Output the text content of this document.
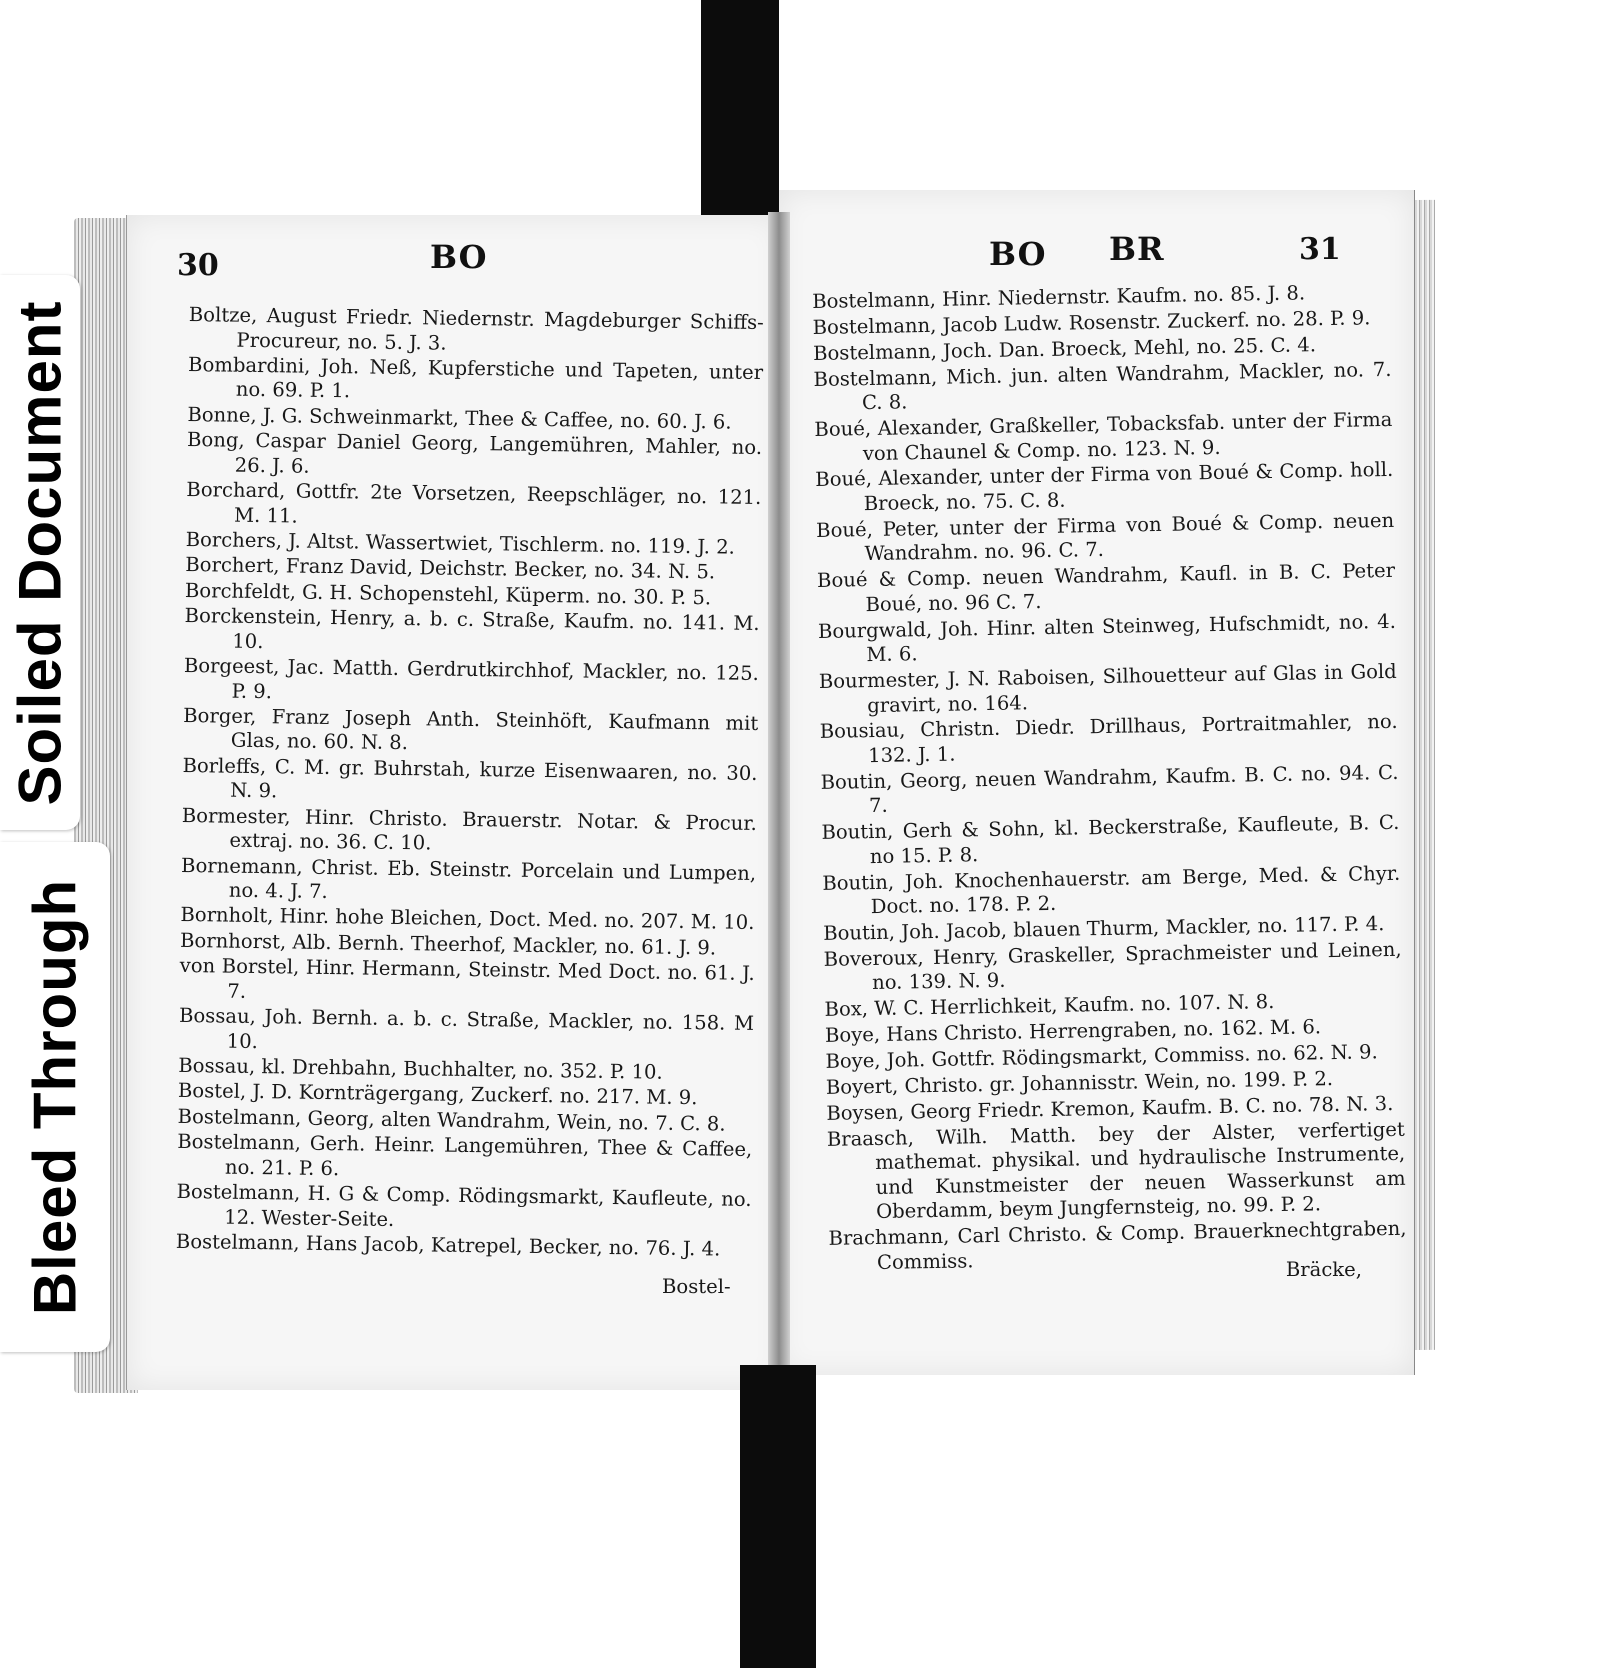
30	BO
Boltze, August Friedr. Niedernstr. Magdeburger Schiffs-Procureur, no. 5. J. 3.
Bombardini, Joh. Neß, Kupferstiche und Tapeten, unter no. 69. P. 1.
Bonne, J. G. Schweinmarkt, Thee & Caffee, no. 60. J. 6.
Bong, Caspar Daniel Georg, Langemühren, Mahler, no. 26. J. 6.
Borchard, Gottfr. 2te Vorsetzen, Reepschläger, no. 121. M. 11.
Borchers, J. Altst. Wassertwiet, Tischlerm. no. 119. J. 2.
Borchert, Franz David, Deichstr. Becker, no. 34. N. 5.
Borchfeldt, G. H. Schopenstehl, Küperm. no. 30. P. 5.
Borckenstein, Henry, a. b. c. Straße, Kaufm. no. 141. M. 10.
Borgeest, Jac. Matth. Gerdrutkirchhof, Mackler, no. 125. P. 9.
Borger, Franz Joseph Anth. Steinhöft, Kaufmann mit Glas, no. 60. N. 8.
Borleffs, C. M. gr. Buhrstah, kurze Eisenwaaren, no. 30. N. 9.
Bormester, Hinr. Christo. Brauerstr. Notar. & Procur. extraj. no. 36. C. 10.
Bornemann, Christ. Eb. Steinstr. Porcelain und Lumpen, no. 4. J. 7.
Bornholt, Hinr. hohe Bleichen, Doct. Med. no. 207. M. 10.
Bornhorst, Alb. Bernh. Theerhof, Mackler, no. 61. J. 9.
von Borstel, Hinr. Hermann, Steinstr. Med Doct. no. 61. J. 7.
Bossau, Joh. Bernh. a. b. c. Straße, Mackler, no. 158. M 10.
Bossau, kl. Drehbahn, Buchhalter, no. 352. P. 10.
Bostel, J. D. Kornträgergang, Zuckerf. no. 217. M. 9.
Bostelmann, Georg, alten Wandrahm, Wein, no. 7. C. 8.
Bostelmann, Gerh. Heinr. Langemühren, Thee & Caffee, no. 21. P. 6.
Bostelmann, H. G & Comp. Rödingsmarkt, Kaufleute, no. 12. Wester-Seite.
Bostelmann, Hans Jacob, Katrepel, Becker, no. 76. J. 4.
Bostel-
BO BR	31
Bostelmann, Hinr. Niedernstr. Kaufm. no. 85. J. 8.
Bostelmann, Jacob Ludw. Rosenstr. Zuckerf. no. 28. P. 9.
Bostelmann, Joch. Dan. Broeck, Mehl, no. 25. C. 4.
Bostelmann, Mich. jun. alten Wandrahm, Mackler, no. 7. C. 8.
Boué, Alexander, Graßkeller, Tobacksfab. unter der Firma von Chaunel & Comp. no. 123. N. 9.
Boué, Alexander, unter der Firma von Boué & Comp. holl. Broeck, no. 75. C. 8.
Boué, Peter, unter der Firma von Boué & Comp. neuen Wandrahm. no. 96. C. 7.
Boué & Comp. neuen Wandrahm, Kaufl. in B. C. Peter Boué, no. 96 C. 7.
Bourgwald, Joh. Hinr. alten Steinweg, Hufschmidt, no. 4. M. 6.
Bourmester, J. N. Raboisen, Silhouetteur auf Glas in Gold gravirt, no. 164.
Bousiau, Christn. Diedr. Drillhaus, Portraitmahler, no. 132. J. 1.
Boutin, Georg, neuen Wandrahm, Kaufm. B. C. no. 94. C. 7.
Boutin, Gerh & Sohn, kl. Beckerstraße, Kaufleute, B. C. no 15. P. 8.
Boutin, Joh. Knochenhauerstr. am Berge, Med. & Chyr. Doct. no. 178. P. 2.
Boutin, Joh. Jacob, blauen Thurm, Mackler, no. 117. P. 4.
Boveroux, Henry, Graskeller, Sprachmeister und Leinen, no. 139. N. 9.
Box, W. C. Herrlichkeit, Kaufm. no. 107. N. 8.
Boye, Hans Christo. Herrengraben, no. 162. M. 6.
Boye, Joh. Gottfr. Rödingsmarkt, Commiss. no. 62. N. 9.
Boyert, Christo. gr. Johannisstr. Wein, no. 199. P. 2.
Boysen, Georg Friedr. Kremon, Kaufm. B. C. no. 78. N. 3.
Braasch, Wilh. Matth. bey der Alster, verfertiget mathemat. physikal. und hydraulische Instrumente, und Kunstmeister der neuen Wasserkunst am Oberdamm, beym Jungfernsteig, no. 99. P. 2.
Brachmann, Carl Christo. & Comp. Brauerknechtgraben, Commiss.	Bräcke,
Soiled Document
Bleed Through
